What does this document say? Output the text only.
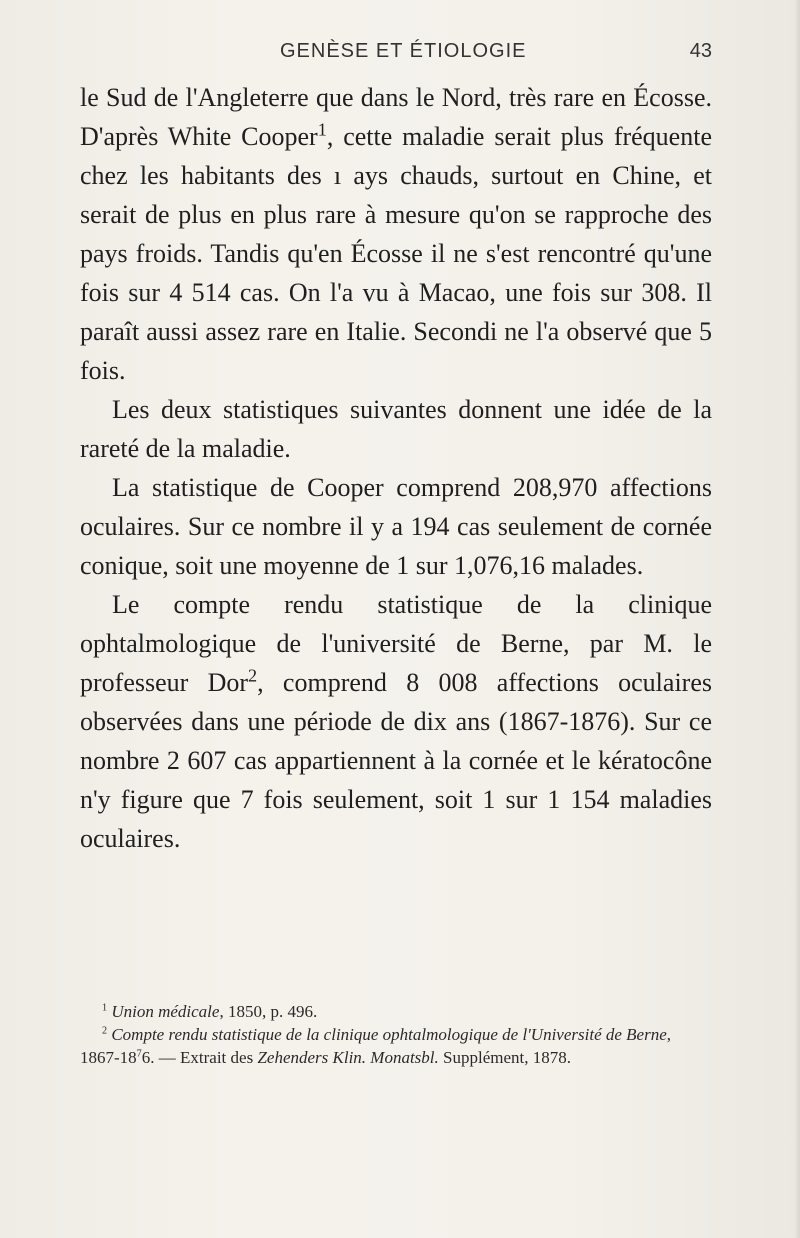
GENÈSE ET ÉTIOLOGIE	43

le Sud de l'Angleterre que dans le Nord, très rare en Écosse. D'après White Cooper$^1$, cette maladie serait plus fréquente chez les habitants des ı ays chauds, surtout en Chine, et serait de plus en plus rare à mesure qu'on se rapproche des pays froids. Tandis qu'en Écosse il ne s'est rencontré qu'une fois sur 4 514 cas. On l'a vu à Macao, une fois sur 308. Il paraît aussi assez rare en Italie. Secondi ne l'a observé que 5 fois.

Les deux statistiques suivantes donnent une idée de la rareté de la maladie.

La statistique de Cooper comprend 208,970 affections oculaires. Sur ce nombre il y a 194 cas seulement de cornée conique, soit une moyenne de 1 sur 1,076,16 malades.

Le compte rendu statistique de la clinique ophtalmologique de l'université de Berne, par M. le professeur Dor$^2$, comprend 8 008 affections oculaires observées dans une période de dix ans (1867-1876). Sur ce nombre 2 607 cas appartiennent à la cornée et le kératocône n'y figure que 7 fois seulement, soit 1 sur 1 154 maladies oculaires.

$^1$ Union médicale, 1850, p. 496.

$^2$ Compte rendu statistique de la clinique ophtalmologique de l'Université de Berne, $1867-18^76$. — Extrait des Zehenders Klin. Monatsbl. Supplément, 1878.
